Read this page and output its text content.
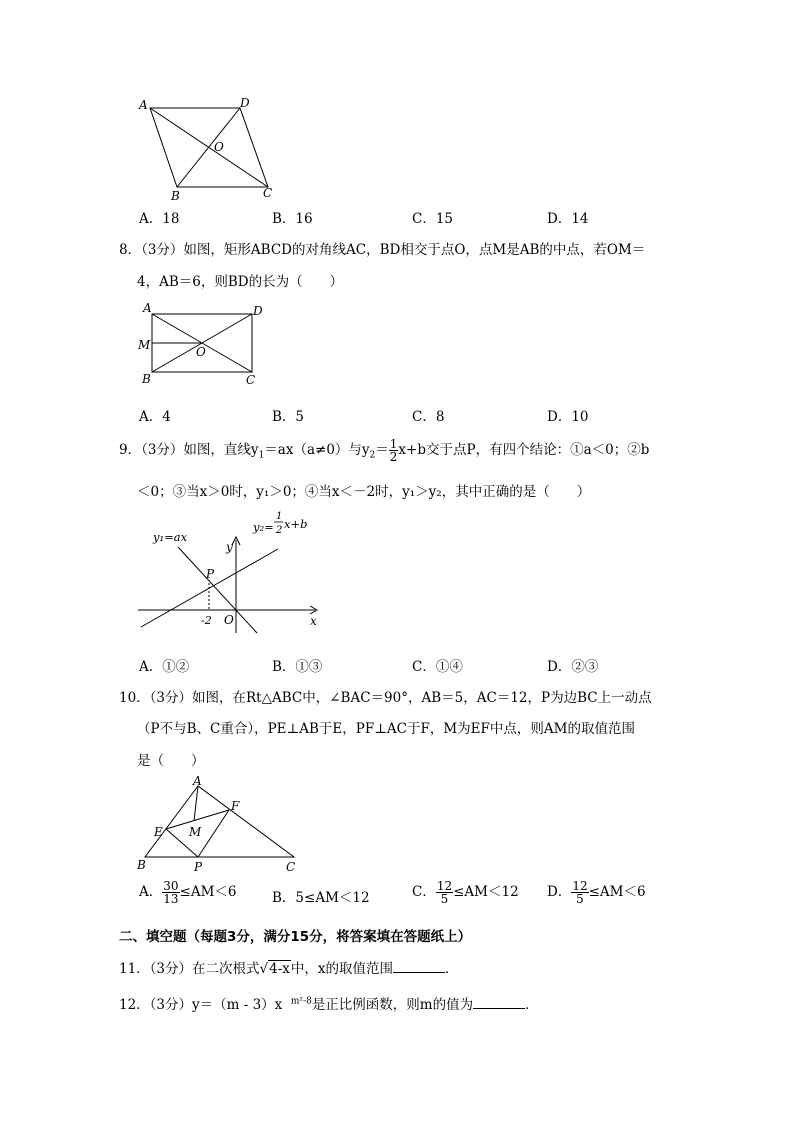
A	D
O
B	C
A．18	B．16	C．15	D．14
8．（3分）如图，矩形ABCD的对角线AC，BD相交于点O，点M是AB的中点，若OM＝
4，AB＝6，则BD的长为（　　）
A	D
M	O
B	C
A．4	B．5	C．8	D．10
9．（3分）如图，直线$y_1=ax(a\ne 0)$与$y_2= \frac{1}{2} x+b$交于点P，有四个结论：①a＜0；②b
＜0；③当x＞0时，y₁＞0；④当x＜－2时，y₁＞y₂，其中正确的是（　　）
y₁=ax
y₂=
1
2 x+b
y
P
-2 O	x
A．①②	B．①③	C．①④	D．②③
10．（3分）如图，在Rt△ABC中，∠BAC＝90°，AB＝5，AC＝12，P为边BC上一动点
（P不与B、C重合），PE⊥AB于E，PF⊥AC于F，M为EF中点，则AM的取值范围
是（　　）
A
F
E M
B	P	C
A． $\frac{30}{13} \le AM<6$	B．5≤AM＜12	C． $\frac{12}{5} \le AM<12$ D． $\frac{12}{5} \le AM<6$
二、填空题（每题3分，满分15分，将答案填在答题纸上）
11．（3分）在二次根式√4-x中，x的取值范围	．
12．（3分）y＝（m - 3）x $^{m^2-8}$是正比例函数，则m的值为	．
